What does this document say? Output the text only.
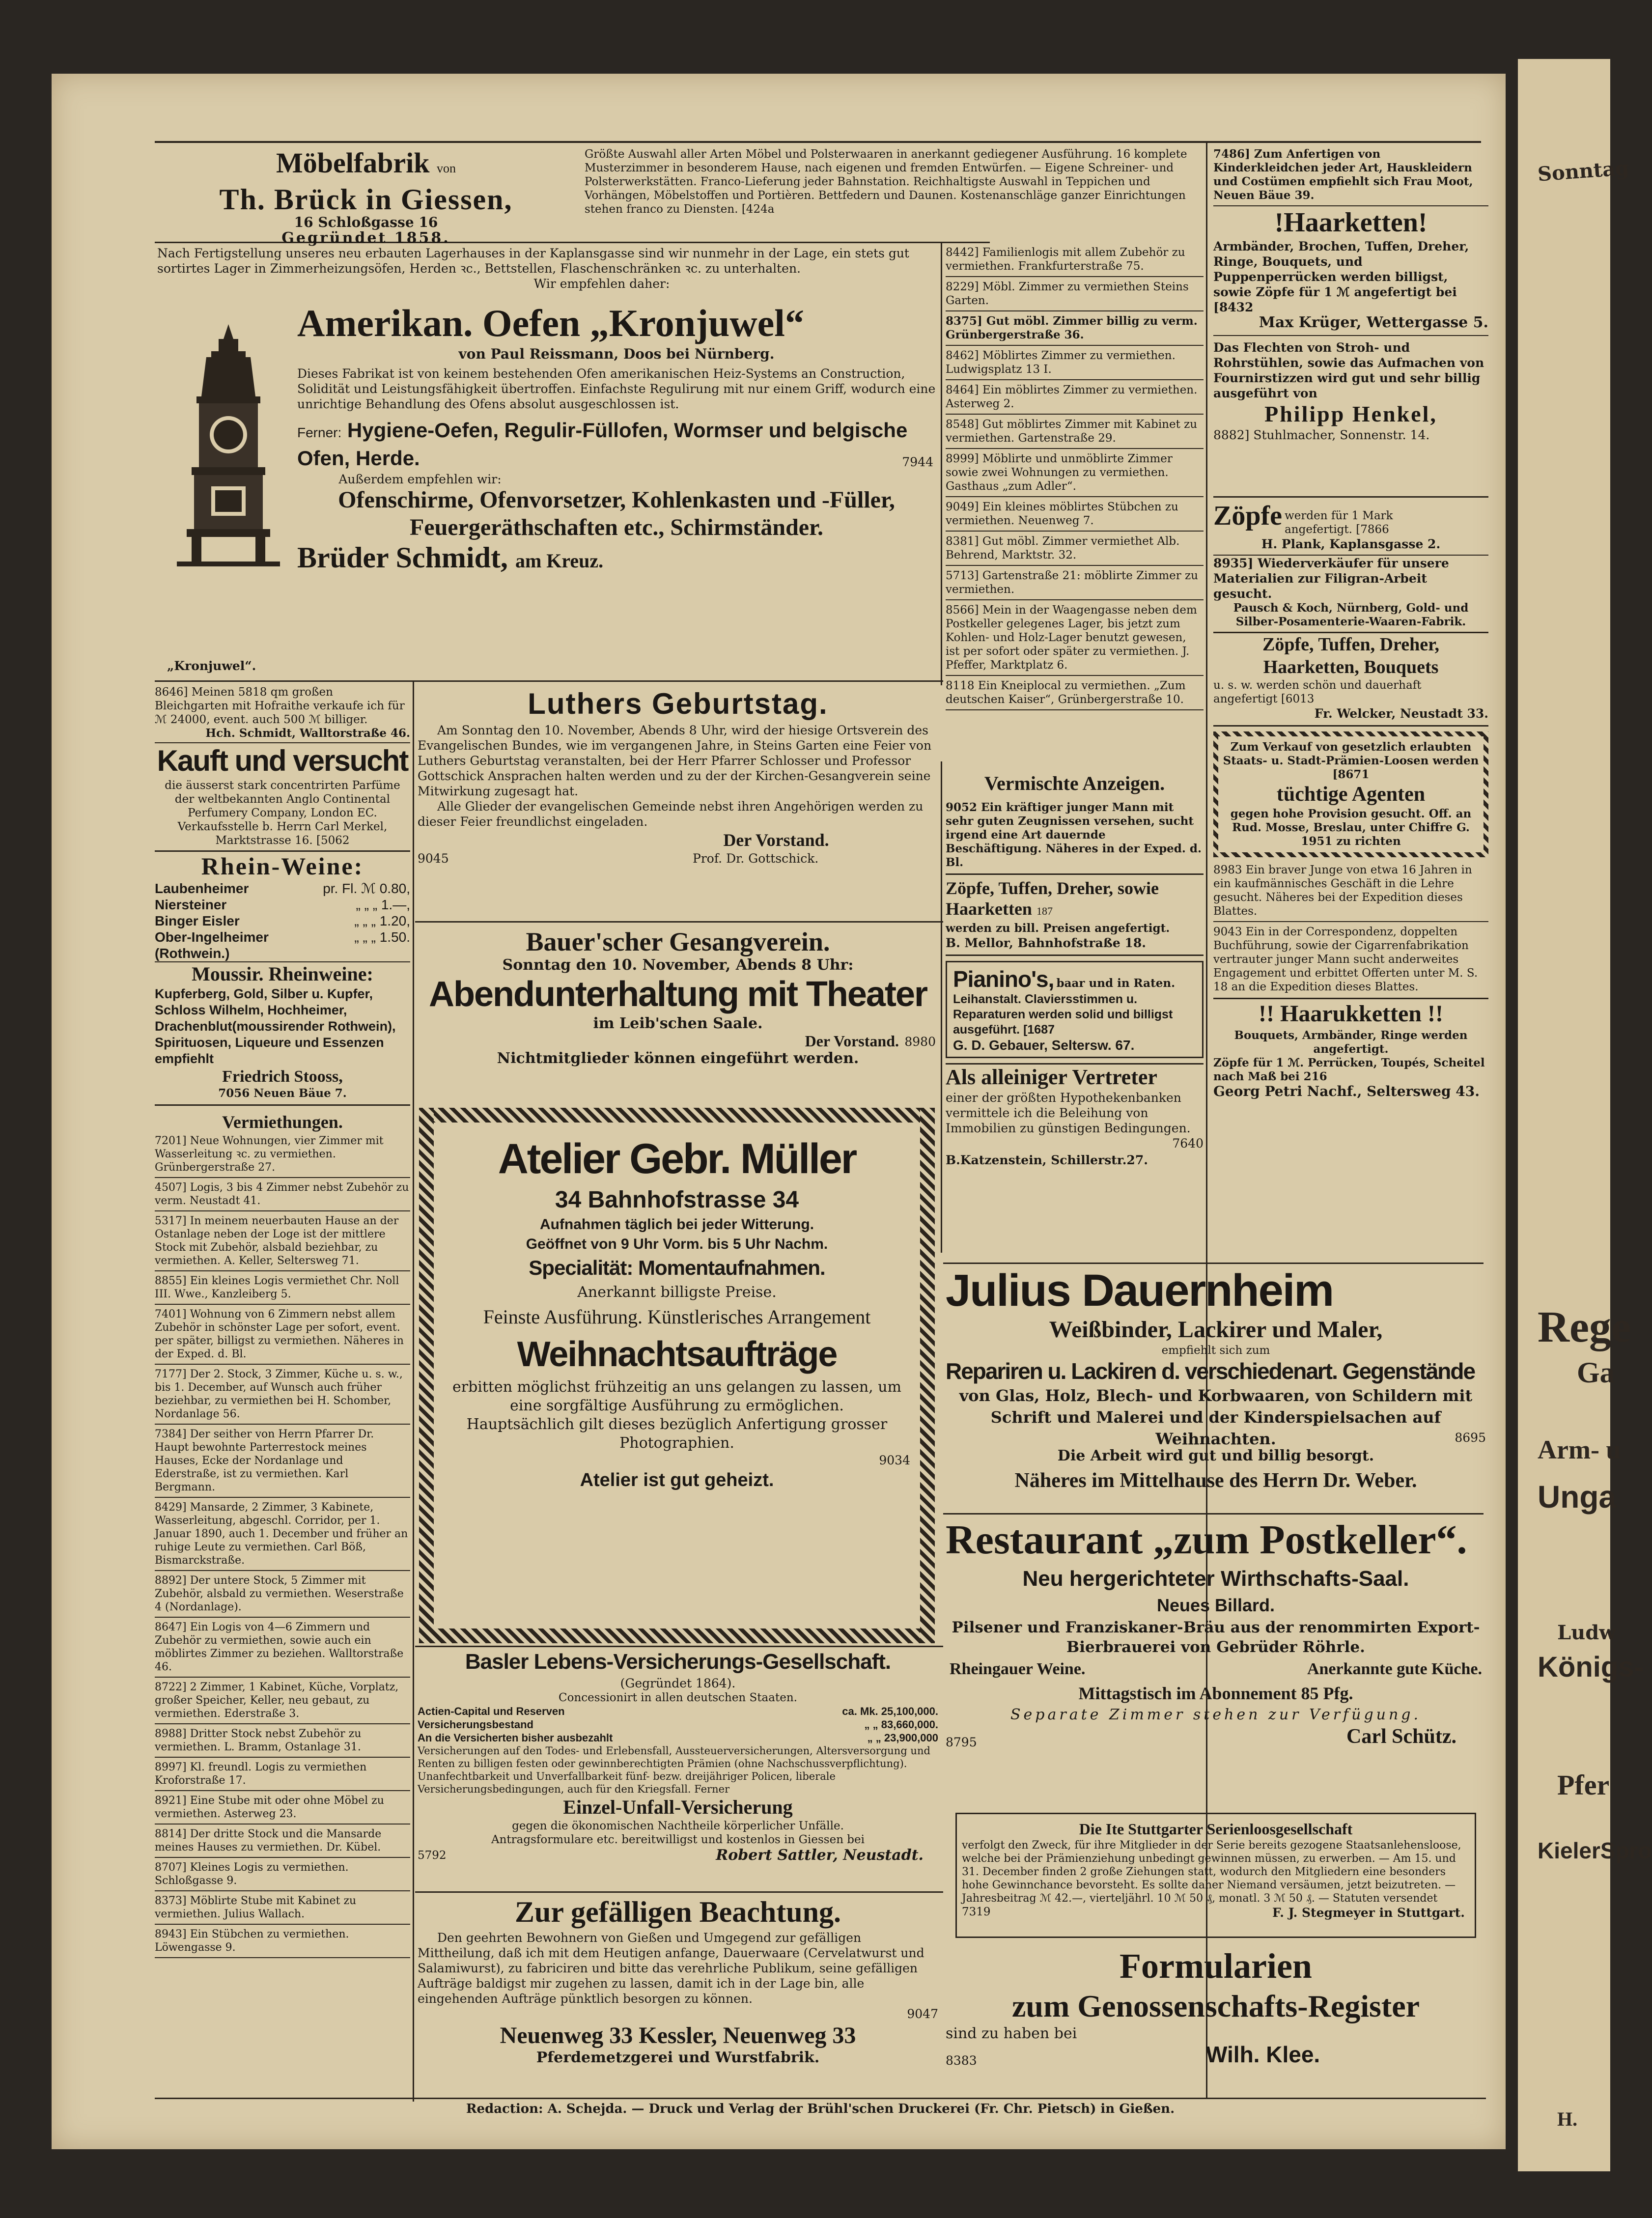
Möbelfabrik von
Th. Brück in Giessen,
16 Schloßgasse 16
Gegründet 1858.
Größte Auswahl aller Arten Möbel und Polsterwaaren in anerkannt gediegener Ausführung. 16 komplete Musterzimmer in besonderem Hause, nach eigenen und fremden Entwürfen. — Eigene Schreiner- und Polsterwerkstätten. Franco-Lieferung jeder Bahnstation. Reichhaltigste Auswahl in Teppichen und Vorhängen, Möbelstoffen und Portièren. Bettfedern und Daunen. Kostenanschläge ganzer Einrichtungen stehen franco zu Diensten. [424a
7486] Zum Anfertigen von Kinderkleidchen jeder Art, Hauskleidern und Costümen empfiehlt sich Frau Moot, Neuen Bäue 39.
!Haarketten!
Armbänder, Brochen, Tuffen, Dreher, Ringe, Bouquets, und Puppenperrücken werden billigst, sowie Zöpfe für 1 ℳ angefertigt bei [8432
Max Krüger, Wettergasse 5.
Das Flechten von Stroh- und Rohrstühlen, sowie das Aufmachen von Fournirstizzen wird gut und sehr billig ausgeführt von
Philipp Henkel,
8882] Stuhlmacher, Sonnenstr. 14.
Nach Fertigstellung unseres neu erbauten Lagerhauses in der Kaplansgasse sind wir nunmehr in der Lage, ein stets gut sortirtes Lager in Zimmerheizungsöfen, Herden ꝛc., Bettstellen, Flaschenschränken ꝛc. zu unterhalten.
Wir empfehlen daher:
Amerikan. Oefen „Kronjuwel“
von Paul Reissmann, Doos bei Nürnberg.
Dieses Fabrikat ist von keinem bestehenden Ofen amerikanischen Heiz-Systems an Construction, Solidität und Leistungsfähigkeit übertroffen. Einfachste Regulirung mit nur einem Griff, wodurch eine unrichtige Behandlung des Ofens absolut ausgeschlossen ist.
Ferner: Hygiene-Oefen, Regulir-Füllofen, Wormser und belgische Ofen, Herde.	7944
Außerdem empfehlen wir:
Ofenschirme, Ofenvorsetzer, Kohlenkasten und -Füller, Feuergeräthschaften etc., Schirmständer.
Brüder Schmidt, am Kreuz.
„Kronjuwel“.
8442] Familienlogis mit allem Zubehör zu vermiethen. Frankfurterstraße 75.
8229] Möbl. Zimmer zu vermiethen Steins Garten.
8375] Gut möbl. Zimmer billig zu verm. Grünbergerstraße 36.
8462] Möblirtes Zimmer zu vermiethen. Ludwigsplatz 13 I.
8464] Ein möblirtes Zimmer zu vermiethen. Asterweg 2.
8548] Gut möblirtes Zimmer mit Kabinet zu vermiethen. Gartenstraße 29.
8999] Möblirte und unmöblirte Zimmer sowie zwei Wohnungen zu vermiethen. Gasthaus „zum Adler“.
9049] Ein kleines möblirtes Stübchen zu vermiethen. Neuenweg 7.
8381] Gut möbl. Zimmer vermiethet Alb. Behrend, Marktstr. 32.
5713] Gartenstraße 21: möblirte Zimmer zu vermiethen.
8566] Mein in der Waagengasse neben dem Postkeller gelegenes Lager, bis jetzt zum Kohlen- und Holz-Lager benutzt gewesen, ist per sofort oder später zu vermiethen. J. Pfeffer, Marktplatz 6.
8118 Ein Kneiplocal zu vermiethen. „Zum deutschen Kaiser“, Grünbergerstraße 10.
8646] Meinen 5818 qm großen Bleichgarten mit Hofraithe verkaufe ich für ℳ 24000, event. auch 500 ℳ billiger.
Hch. Schmidt, Walltorstraße 46.
Kauft und versucht
die äusserst stark concentrirten Parfüme der weltbekannten Anglo Continental Perfumery Company, London EC. Verkaufsstelle b. Herrn Carl Merkel, Marktstrasse 16. [5062
Rhein-Weine:
Laubenheimer	pr. Fl. ℳ 0.80,
Niersteiner	„ „ „ 1.—,
Binger Eisler	„ „ „ 1.20,
Ober-Ingelheimer	„ „ „ 1.50.
(Rothwein.)
Moussir. Rheinweine:
Kupferberg, Gold, Silber u. Kupfer, Schloss Wilhelm, Hochheimer, Drachenblut(moussirender Rothwein), Spirituosen, Liqueure und Essenzen empfiehlt
Friedrich Stooss,
7056 Neuen Bäue 7.
Vermiethungen.
7201] Neue Wohnungen, vier Zimmer mit Wasserleitung ꝛc. zu vermiethen. Grünbergerstraße 27.
4507] Logis, 3 bis 4 Zimmer nebst Zubehör zu verm. Neustadt 41.
5317] In meinem neuerbauten Hause an der Ostanlage neben der Loge ist der mittlere Stock mit Zubehör, alsbald beziehbar, zu vermiethen. A. Keller, Seltersweg 71.
8855] Ein kleines Logis vermiethet Chr. Noll III. Wwe., Kanzleiberg 5.
7401] Wohnung von 6 Zimmern nebst allem Zubehör in schönster Lage per sofort, event. per später, billigst zu vermiethen. Näheres in der Exped. d. Bl.
7177] Der 2. Stock, 3 Zimmer, Küche u. s. w., bis 1. December, auf Wunsch auch früher beziehbar, zu vermiethen bei H. Schomber, Nordanlage 56.
7384] Der seither von Herrn Pfarrer Dr. Haupt bewohnte Parterrestock meines Hauses, Ecke der Nordanlage und Ederstraße, ist zu vermiethen. Karl Bergmann.
8429] Mansarde, 2 Zimmer, 3 Kabinete, Wasserleitung, abgeschl. Corridor, per 1. Januar 1890, auch 1. December und früher an ruhige Leute zu vermiethen. Carl Böß, Bismarckstraße.
8892] Der untere Stock, 5 Zimmer mit Zubehör, alsbald zu vermiethen. Weserstraße 4 (Nordanlage).
8647] Ein Logis von 4—6 Zimmern und Zubehör zu vermiethen, sowie auch ein möblirtes Zimmer zu beziehen. Walltorstraße 46.
8722] 2 Zimmer, 1 Kabinet, Küche, Vorplatz, großer Speicher, Keller, neu gebaut, zu vermiethen. Ederstraße 3.
8988] Dritter Stock nebst Zubehör zu vermiethen. L. Bramm, Ostanlage 31.
8997] Kl. freundl. Logis zu vermiethen Kroforstraße 17.
8921] Eine Stube mit oder ohne Möbel zu vermiethen. Asterweg 23.
8814] Der dritte Stock und die Mansarde meines Hauses zu vermiethen. Dr. Kübel.
8707] Kleines Logis zu vermiethen. Schloßgasse 9.
8373] Möblirte Stube mit Kabinet zu vermiethen. Julius Wallach.
8943] Ein Stübchen zu vermiethen. Löwengasse 9.
Luthers Geburtstag.
Am Sonntag den 10. November, Abends 8 Uhr, wird der hiesige Ortsverein des Evangelischen Bundes, wie im vergangenen Jahre, in Steins Garten eine Feier von Luthers Geburtstag veranstalten, bei der Herr Pfarrer Schlosser und Professor Gottschick Ansprachen halten werden und zu der der Kirchen-Gesangverein seine Mitwirkung zugesagt hat.
Alle Glieder der evangelischen Gemeinde nebst ihren Angehörigen werden zu dieser Feier freundlichst eingeladen.
Der Vorstand.
9045	Prof. Dr. Gottschick.
Bauer'scher Gesangverein.
Sonntag den 10. November, Abends 8 Uhr:
Abendunterhaltung mit Theater
im Leib'schen Saale.
8980
Der Vorstand.
Nichtmitglieder können eingeführt werden.
Atelier Gebr. Müller
34 Bahnhofstrasse 34
Aufnahmen täglich bei jeder Witterung.
Geöffnet von 9 Uhr Vorm. bis 5 Uhr Nachm.
Specialität: Momentaufnahmen.
Anerkannt billigste Preise.
Feinste Ausführung. Künstlerisches Arrangement
Weihnachtsaufträge
erbitten möglichst frühzeitig an uns gelangen zu lassen, um eine sorgfältige Ausführung zu ermöglichen.
Hauptsächlich gilt dieses bezüglich Anfertigung grosser Photographien.
9034
Atelier ist gut geheizt.
Basler Lebens-Versicherungs-Gesellschaft.
(Gegründet 1864).
Concessionirt in allen deutschen Staaten.
Actien-Capital und Reserven	ca. Mk. 25,100,000.
Versicherungsbestand	„ „ 83,660,000.
An die Versicherten bisher ausbezahlt	„ „ 23,900,000
Versicherungen auf den Todes- und Erlebensfall, Aussteuerversicherungen, Altersversorgung und Renten zu billigen festen oder gewinnberechtigten Prämien (ohne Nachschussverpflichtung). Unanfechtbarkeit und Unverfallbarkeit fünf- bezw. dreijähriger Policen, liberale Versicherungsbedingungen, auch für den Kriegsfall. Ferner
Einzel-Unfall-Versicherung
gegen die ökonomischen Nachtheile körperlicher Unfälle.
Antragsformulare etc. bereitwilligst und kostenlos in Giessen bei
5792	Robert Sattler, Neustadt.
Zur gefälligen Beachtung.
Den geehrten Bewohnern von Gießen und Umgegend zur gefälligen Mittheilung, daß ich mit dem Heutigen anfange, Dauerwaare (Cervelatwurst und Salamiwurst), zu fabriciren und bitte das verehrliche Publikum, seine gefälligen Aufträge baldigst mir zugehen zu lassen, damit ich in der Lage bin, alle eingehenden Aufträge pünktlich besorgen zu können.
9047
Neuenweg 33 Kessler, Neuenweg 33
Pferdemetzgerei und Wurstfabrik.
Vermischte Anzeigen.
9052 Ein kräftiger junger Mann mit sehr guten Zeugnissen versehen, sucht irgend eine Art dauernde Beschäftigung. Näheres in der Exped. d. Bl.
Zöpfe, Tuffen, Dreher, sowie Haarketten 187
werden zu bill. Preisen angefertigt.
B. Mellor, Bahnhofstraße 18.
Pianino's, baar und in Raten.
Leihanstalt. Claviersstimmen u. Reparaturen werden solid und billigst ausgeführt. [1687
G. D. Gebauer, Seltersw. 67.
Als alleiniger Vertreter
einer der größten Hypothekenbanken vermittele ich die Beleihung von Immobilien zu günstigen Bedingungen.
7640
B.Katzenstein, Schillerstr.27.
Zöpfe werden für 1 Mark angefertigt. [7866
H. Plank, Kaplansgasse 2.
8935] Wiederverkäufer für unsere Materialien zur Filigran-Arbeit gesucht.
Pausch & Koch, Nürnberg, Gold- und Silber-Posamenterie-Waaren-Fabrik.
Zöpfe, Tuffen, Dreher, Haarketten, Bouquets
u. s. w. werden schön und dauerhaft angefertigt [6013
Fr. Welcker, Neustadt 33.
Zum Verkauf von gesetzlich erlaubten Staats- u. Stadt-Prämien-Loosen werden [8671
tüchtige Agenten
gegen hohe Provision gesucht. Off. an Rud. Mosse, Breslau, unter Chiffre G. 1951 zu richten
8983 Ein braver Junge von etwa 16 Jahren in ein kaufmännisches Geschäft in die Lehre gesucht. Näheres bei der Expedition dieses Blattes.
9043 Ein in der Correspondenz, doppelten Buchführung, sowie der Cigarrenfabrikation vertrauter junger Mann sucht anderweites Engagement und erbittet Offerten unter M. S. 18 an die Expedition dieses Blattes.
!! Haarukketten !!
Bouquets, Armbänder, Ringe werden angefertigt.
Zöpfe für 1 ℳ. Perrücken, Toupés, Scheitel nach Maß bei 216
Georg Petri Nachf., Seltersweg 43.
Julius Dauernheim
Weißbinder, Lackirer und Maler,
empfiehlt sich zum
Repariren u. Lackiren d. verschiedenart. Gegenstände
von Glas, Holz, Blech- und Korbwaaren, von Schildern mit Schrift und Malerei und der Kinderspielsachen auf Weihnachten.	8695
Die Arbeit wird gut und billig besorgt.
Näheres im Mittelhause des Herrn Dr. Weber.
Restaurant „zum Postkeller“.
Neu hergerichteter Wirthschafts-Saal.
Neues Billard.
Pilsener und Franziskaner-Bräu aus der renommirten Export-Bierbrauerei von Gebrüder Röhrle.
Rheingauer Weine.	Anerkannte gute Küche.
Mittagstisch im Abonnement 85 Pfg.
Separate Zimmer stehen zur Verfügung.
8795	Carl Schütz.
Die Ite Stuttgarter Serienloosgesellschaft
verfolgt den Zweck, für ihre Mitglieder in der Serie bereits gezogene Staatsanlehensloose, welche bei der Prämienziehung unbedingt gewinnen müssen, zu erwerben. — Am 15. und 31. December finden 2 große Ziehungen statt, wodurch den Mitgliedern eine besonders hohe Gewinnchance bevorsteht. Es sollte daher Niemand versäumen, jetzt beizutreten. — Jahresbeitrag ℳ 42.—, vierteljährl. 10 ℳ 50 ₰, monatl. 3 ℳ 50 ₰. — Statuten versendet
7319	F. J. Stegmeyer in Stuttgart.
Formularien
zum Genossenschafts-Register
sind zu haben bei
8383	Wilh. Klee.
Redaction: A. Schejda. — Druck und Verlag der Brühl'schen Druckerei (Fr. Chr. Pietsch) in Gießen.
Sonntag
Rege
Ga
Arm- u
Unga
Ludw
Königs-
Pfer
KielerSpro
H.
